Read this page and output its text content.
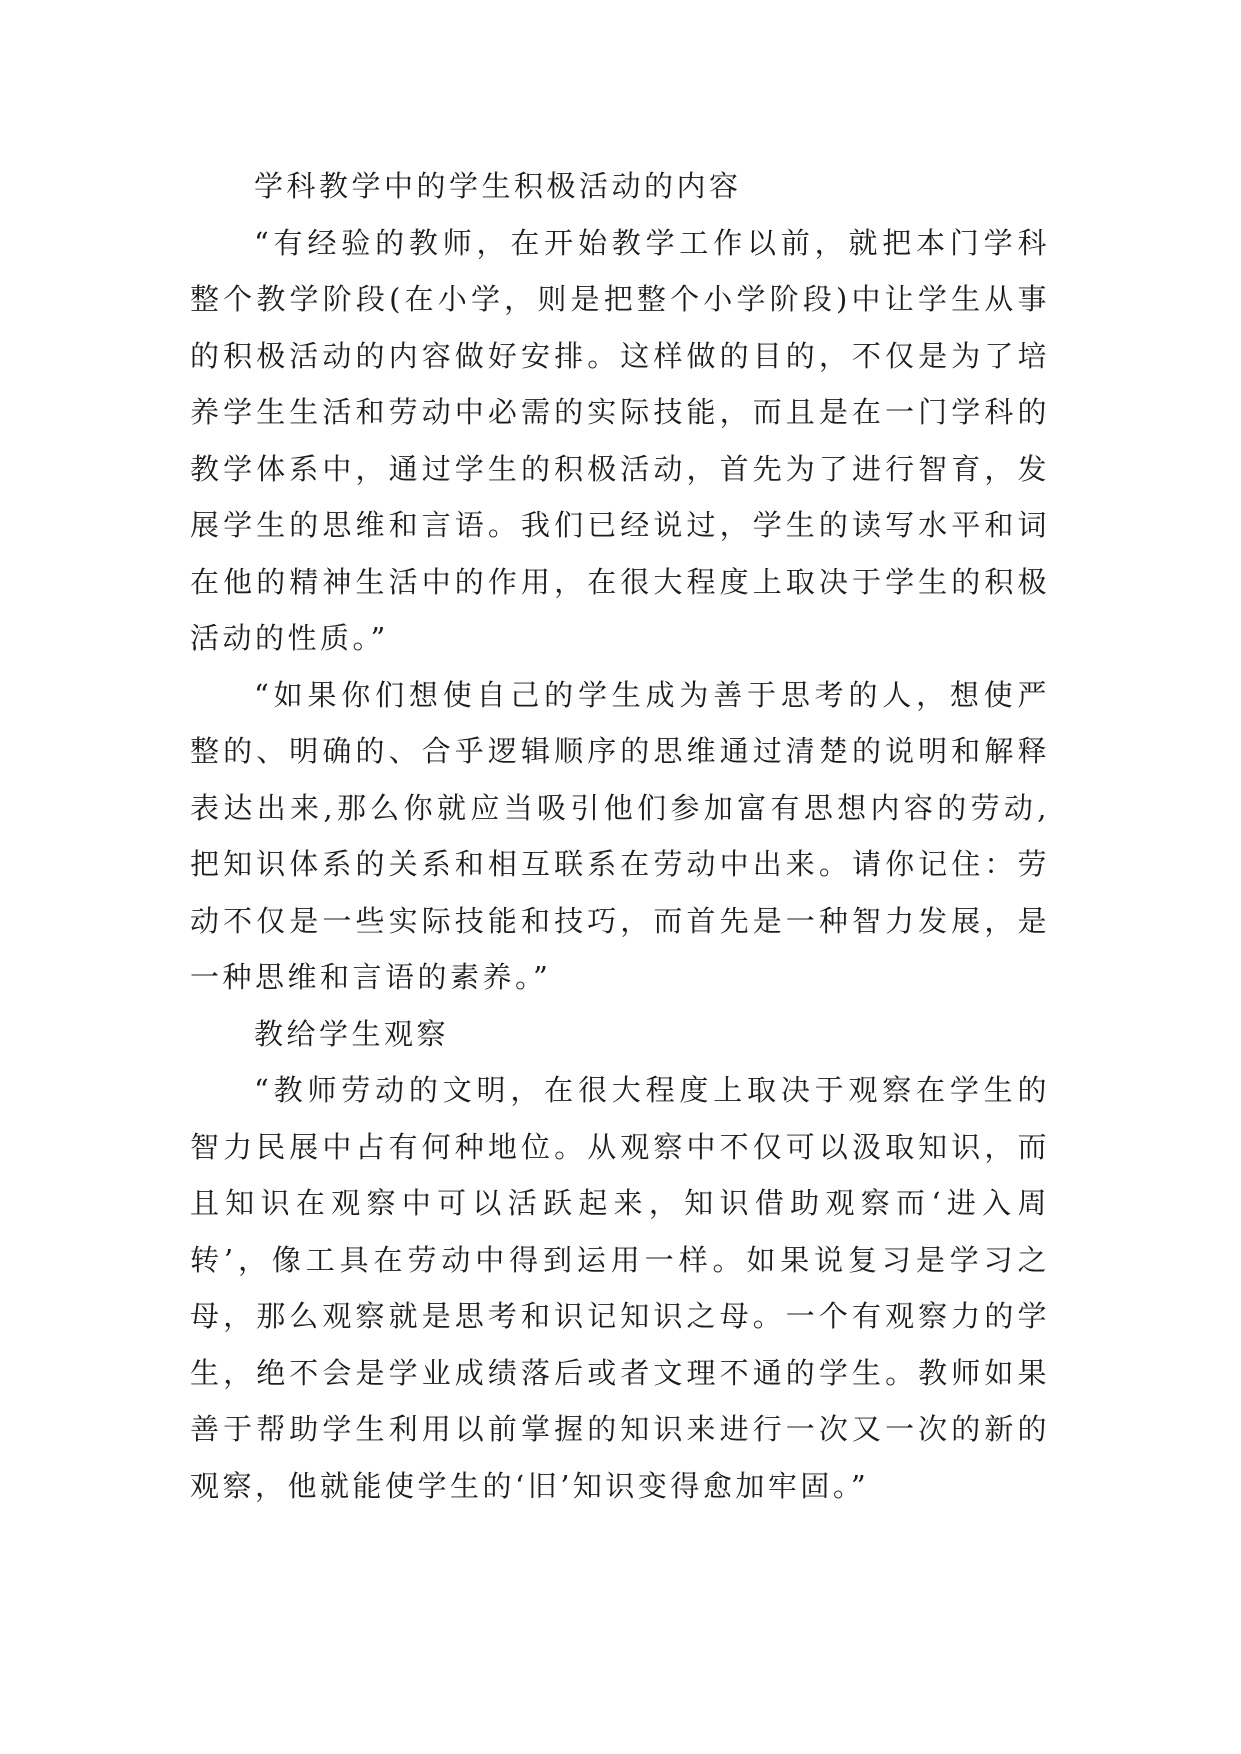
学科教学中的学生积极活动的内容

“有经验的教师，在开始教学工作以前，就把本门学科整个教学阶段(在小学，则是把整个小学阶段)中让学生从事的积极活动的内容做好安排。这样做的目的，不仅是为了培养学生生活和劳动中必需的实际技能，而且是在一门学科的教学体系中，通过学生的积极活动，首先为了进行智育，发展学生的思维和言语。我们已经说过，学生的读写水平和词在他的精神生活中的作用，在很大程度上取决于学生的积极活动的性质。”

“如果你们想使自己的学生成为善于思考的人，想使严整的、明确的、合乎逻辑顺序的思维通过清楚的说明和解释表达出来,那么你就应当吸引他们参加富有思想内容的劳动,把知识体系的关系和相互联系在劳动中出来。请你记住：劳动不仅是一些实际技能和技巧，而首先是一种智力发展，是一种思维和言语的素养。”

教给学生观察

“教师劳动的文明，在很大程度上取决于观察在学生的智力民展中占有何种地位。从观察中不仅可以汲取知识，而且知识在观察中可以活跃起来，知识借助观察而‘进入周转’，像工具在劳动中得到运用一样。如果说复习是学习之母，那么观察就是思考和识记知识之母。一个有观察力的学生，绝不会是学业成绩落后或者文理不通的学生。教师如果善于帮助学生利用以前掌握的知识来进行一次又一次的新的观察，他就能使学生的‘旧’知识变得愈加牢固。”
